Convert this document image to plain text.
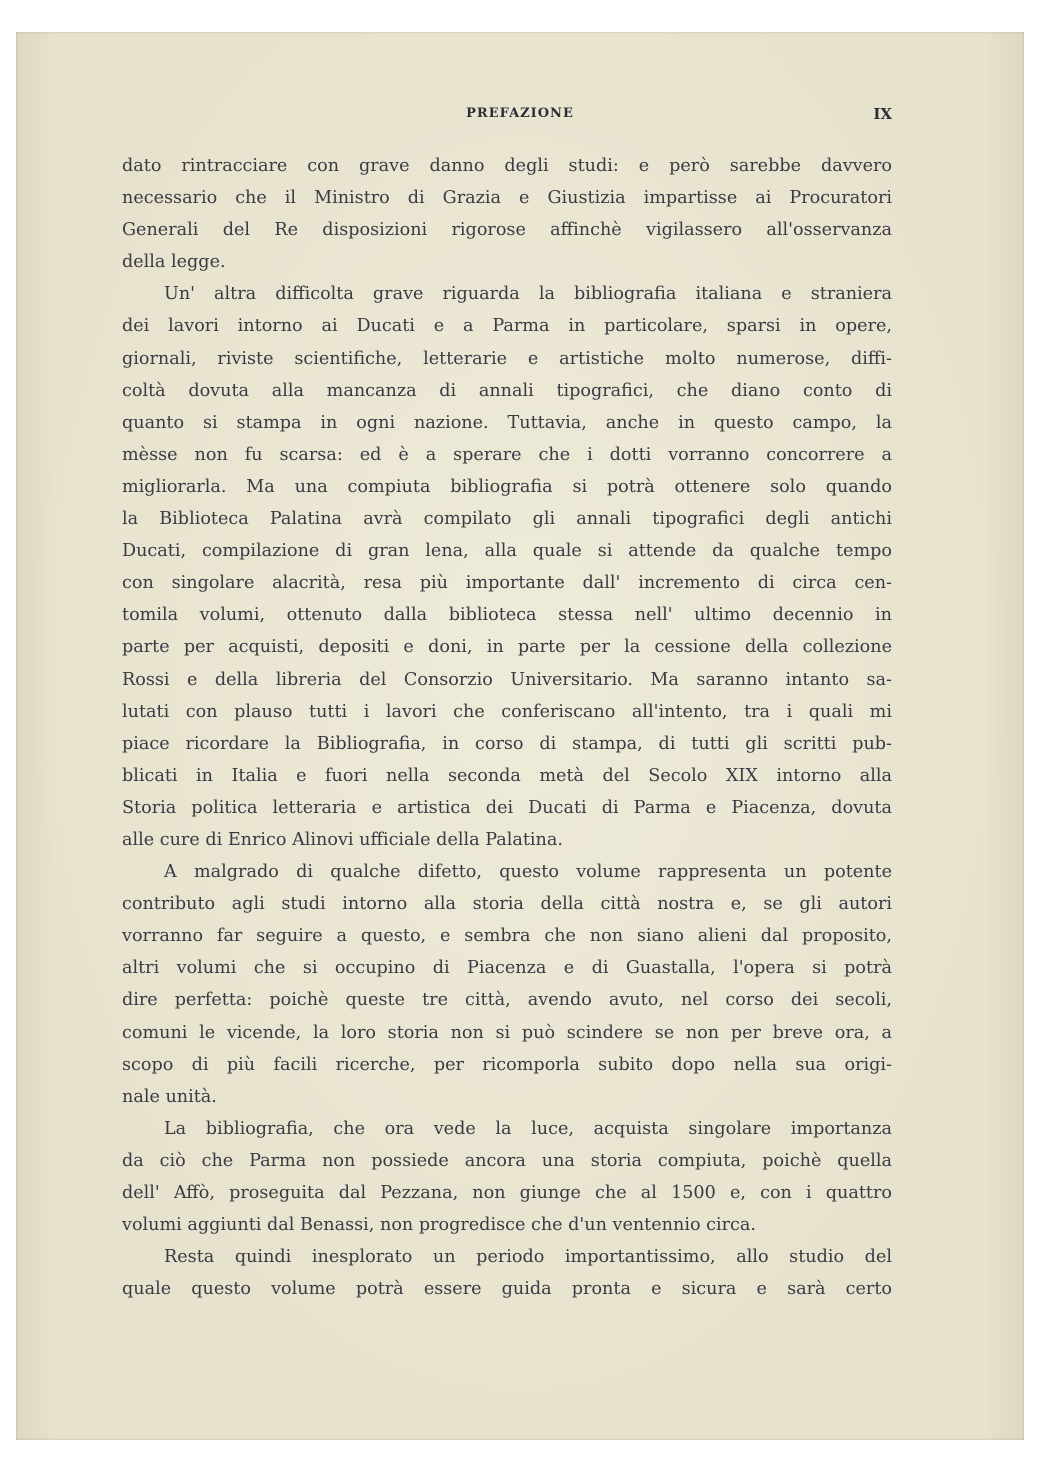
PREFAZIONE	IX
dato rintracciare con grave danno degli studi: e però sarebbe davvero
necessario che il Ministro di Grazia e Giustizia impartisse ai Procuratori
Generali del Re disposizioni rigorose affinchè vigilassero all'osservanza
della legge.
Un' altra difficolta grave riguarda la bibliografia italiana e straniera
dei lavori intorno ai Ducati e a Parma in particolare, sparsi in opere,
giornali, riviste scientifiche, letterarie e artistiche molto numerose, diffi-
coltà dovuta alla mancanza di annali tipografici, che diano conto di
quanto si stampa in ogni nazione. Tuttavia, anche in questo campo, la
mèsse non fu scarsa: ed è a sperare che i dotti vorranno concorrere a
migliorarla. Ma una compiuta bibliografia si potrà ottenere solo quando
la Biblioteca Palatina avrà compilato gli annali tipografici degli antichi
Ducati, compilazione di gran lena, alla quale si attende da qualche tempo
con singolare alacrità, resa più importante dall' incremento di circa cen-
tomila volumi, ottenuto dalla biblioteca stessa nell' ultimo decennio in
parte per acquisti, depositi e doni, in parte per la cessione della collezione
Rossi e della libreria del Consorzio Universitario. Ma saranno intanto sa-
lutati con plauso tutti i lavori che conferiscano all'intento, tra i quali mi
piace ricordare la Bibliografia, in corso di stampa, di tutti gli scritti pub-
blicati in Italia e fuori nella seconda metà del Secolo XIX intorno alla
Storia politica letteraria e artistica dei Ducati di Parma e Piacenza, dovuta
alle cure di Enrico Alinovi ufficiale della Palatina.
A malgrado di qualche difetto, questo volume rappresenta un potente
contributo agli studi intorno alla storia della città nostra e, se gli autori
vorranno far seguire a questo, e sembra che non siano alieni dal proposito,
altri volumi che si occupino di Piacenza e di Guastalla, l'opera si potrà
dire perfetta: poichè queste tre città, avendo avuto, nel corso dei secoli,
comuni le vicende, la loro storia non si può scindere se non per breve ora, a
scopo di più facili ricerche, per ricomporla subito dopo nella sua origi-
nale unità.
La bibliografia, che ora vede la luce, acquista singolare importanza
da ciò che Parma non possiede ancora una storia compiuta, poichè quella
dell' Affò, proseguita dal Pezzana, non giunge che al 1500 e, con i quattro
volumi aggiunti dal Benassi, non progredisce che d'un ventennio circa.
Resta quindi inesplorato un periodo importantissimo, allo studio del
quale questo volume potrà essere guida pronta e sicura e sarà certo
